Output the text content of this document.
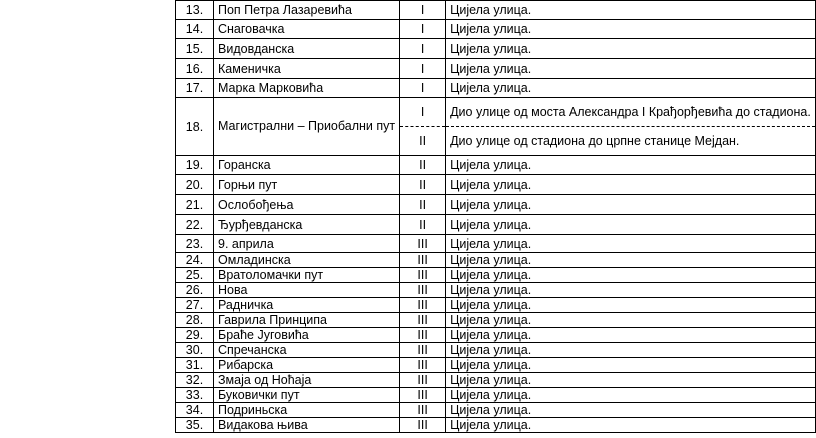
13.	Поп Петра Лазаревића	I	Цијела улица.
14.	Снаговачка	I	Цијела улица.
15.	Видовданска	I	Цијела улица.
16.	Каменичка	I	Цијела улица.
17.	Марка Марковића	I	Цијела улица.
18.	Магистрални – Приобални пут	I	Дио улице од моста Александра I Крађорђевића до стадиона.
		II	Дио улице од стадиона до црпне станице Мејдан.
19.	Горанска	II	Цијела улица.
20.	Горњи пут	II	Цијела улица.
21.	Ослобођења	II	Цијела улица.
22.	Ђурђевданска	II	Цијела улица.
23.	9. априла	III	Цијела улица.
24.	Омладинска	III	Цијела улица.
25.	Вратоломачки пут	III	Цијела улица.
26.	Нова	III	Цијела улица.
27.	Радничка	III	Цијела улица.
28.	Гаврила Принципа	III	Цијела улица.
29.	Браће Југовића	III	Цијела улица.
30.	Спречанска	III	Цијела улица.
31.	Рибарска	III	Цијела улица.
32.	Змаја од Ноћаја	III	Цијела улица.
33.	Буковички пут	III	Цијела улица.
34.	Подриньска	III	Цијела улица.
35.	Видакова њива	III	Цијела улица.
